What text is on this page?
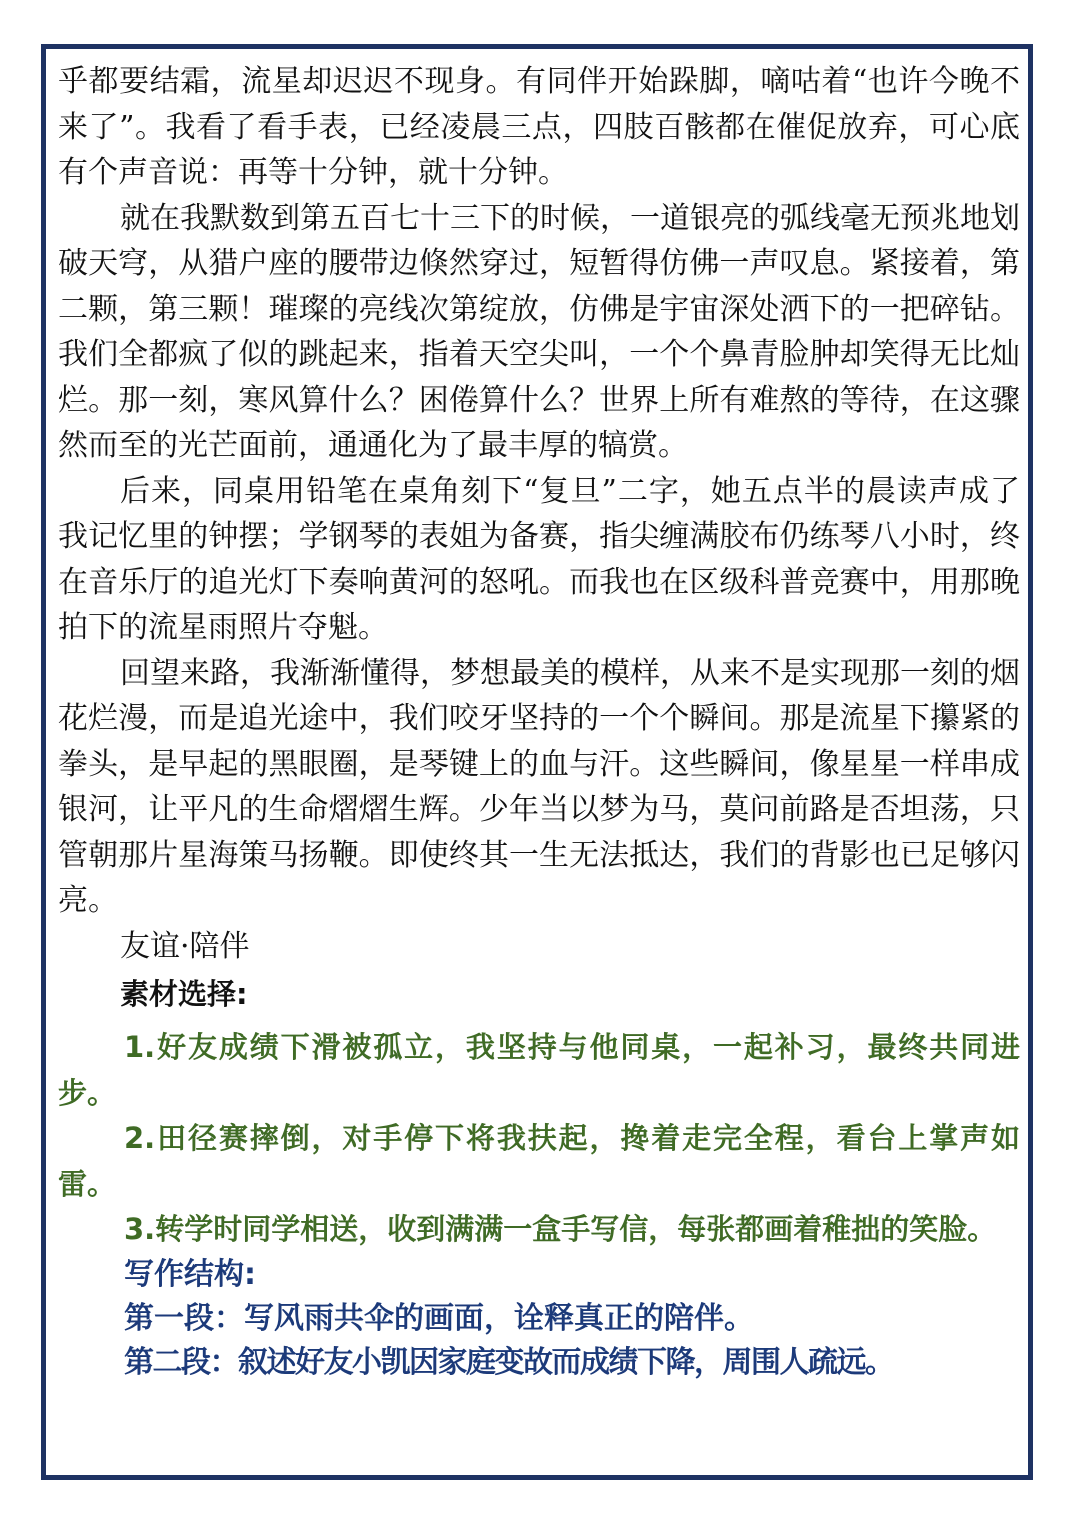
乎都要结霜，流星却迟迟不现身。有同伴开始跺脚，嘀咕着“也许今晚不来了”。我看了看手表，已经凌晨三点，四肢百骸都在催促放弃，可心底有个声音说：再等十分钟，就十分钟。

就在我默数到第五百七十三下的时候，一道银亮的弧线毫无预兆地划破天穹，从猎户座的腰带边倏然穿过，短暂得仿佛一声叹息。紧接着，第二颗，第三颗！璀璨的亮线次第绽放，仿佛是宇宙深处洒下的一把碎钻。我们全都疯了似的跳起来，指着天空尖叫，一个个鼻青脸肿却笑得无比灿烂。那一刻，寒风算什么？困倦算什么？世界上所有难熬的等待，在这骤然而至的光芒面前，通通化为了最丰厚的犒赏。

后来，同桌用铅笔在桌角刻下“复旦”二字，她五点半的晨读声成了我记忆里的钟摆；学钢琴的表姐为备赛，指尖缠满胶布仍练琴八小时，终在音乐厅的追光灯下奏响黄河的怒吼。而我也在区级科普竞赛中，用那晚拍下的流星雨照片夺魁。

回望来路，我渐渐懂得，梦想最美的模样，从来不是实现那一刻的烟花烂漫，而是追光途中，我们咬牙坚持的一个个瞬间。那是流星下攥紧的拳头，是早起的黑眼圈，是琴键上的血与汗。这些瞬间，像星星一样串成银河，让平凡的生命熠熠生辉。少年当以梦为马，莫问前路是否坦荡，只管朝那片星海策马扬鞭。即使终其一生无法抵达，我们的背影也已足够闪亮。

友谊·陪伴

素材选择:

1.好友成绩下滑被孤立，我坚持与他同桌，一起补习，最终共同进步。

2.田径赛摔倒，对手停下将我扶起，搀着走完全程，看台上掌声如雷。

3.转学时同学相送，收到满满一盒手写信，每张都画着稚拙的笑脸。

写作结构:

第一段：写风雨共伞的画面，诠释真正的陪伴。

第二段：叙述好友小凯因家庭变故而成绩下降，周围人疏远。
